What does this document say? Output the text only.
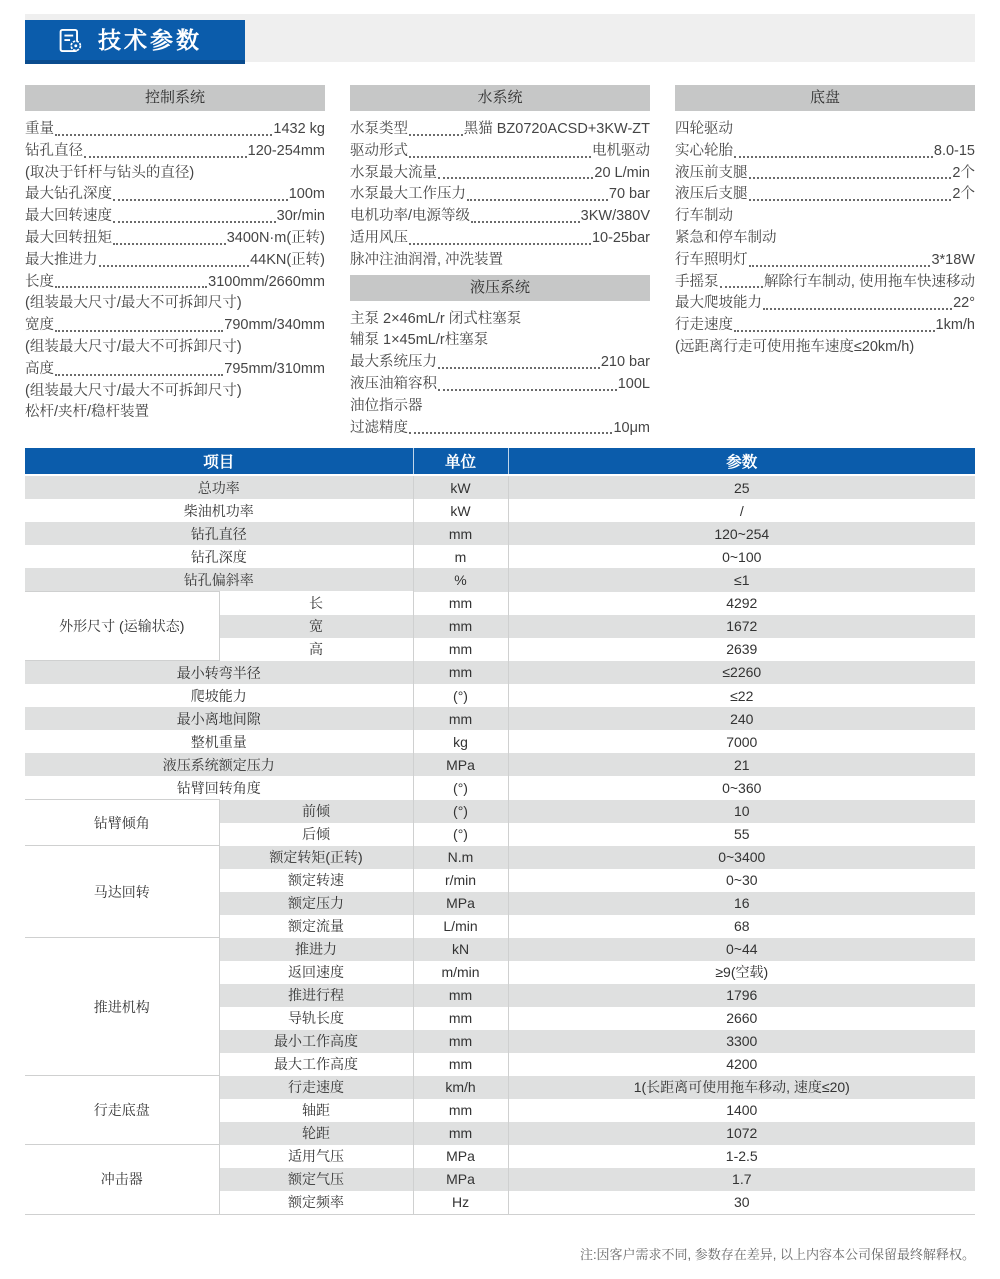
技术参数
控制系统
重量	1432 kg
钻孔直径	120-254mm
(取决于钎杆与钻头的直径)
最大钻孔深度	100m
最大回转速度	30r/min
最大回转扭矩	3400N·m(正转)
最大推进力	44KN(正转)
长度	3100mm/2660mm
(组装最大尺寸/最大不可拆卸尺寸)
宽度	790mm/340mm
(组装最大尺寸/最大不可拆卸尺寸)
高度	795mm/310mm
(组装最大尺寸/最大不可拆卸尺寸)
松杆/夹杆/稳杆装置
水系统
水泵类型	黑猫 BZ0720ACSD+3KW-ZT
驱动形式	电机驱动
水泵最大流量	20 L/min
水泵最大工作压力	70 bar
电机功率/电源等级	3KW/380V
适用风压	10-25bar
脉冲注油润滑, 冲洗装置
液压系统
主泵 2×46mL/r 闭式柱塞泵
辅泵 1×45mL/r柱塞泵
最大系统压力	210 bar
液压油箱容积	100L
油位指示器
过滤精度	10μm
底盘
四轮驱动
实心轮胎	8.0-15
液压前支腿	2个
液压后支腿	2个
行车制动
紧急和停车制动
行车照明灯	3*18W
手摇泵	解除行车制动, 使用拖车快速移动
最大爬坡能力	22°
行走速度	1km/h
(远距离行走可使用拖车速度≤20km/h)
项目		单位	参数
总功率		kW	25
柴油机功率		kW	/
钻孔直径		mm	120~254
钻孔深度		m	0~100
钻孔偏斜率		%	≤1
外形尺寸 (运输状态)	长	mm	4292
	宽	mm	1672
	高	mm	2639
最小转弯半径		mm	≤2260
爬坡能力		(°)	≤22
最小离地间隙		mm	240
整机重量		kg	7000
液压系统额定压力		MPa	21
钻臂回转角度		(°)	0~360
钻臂倾角	前倾	(°)	10
	后倾	(°)	55
马达回转	额定转矩(正转)	N.m	0~3400
	额定转速	r/min	0~30
	额定压力	MPa	16
	额定流量	L/min	68
推进机构	推进力	kN	0~44
	返回速度	m/min	≥9(空载)
	推进行程	mm	1796
	导轨长度	mm	2660
	最小工作高度	mm	3300
	最大工作高度	mm	4200
行走底盘	行走速度	km/h	1(长距离可使用拖车移动, 速度≤20)
	轴距	mm	1400
	轮距	mm	1072
冲击器	适用气压	MPa	1-2.5
	额定气压	MPa	1.7
	额定频率	Hz	30
注:因客户需求不同, 参数存在差异, 以上内容本公司保留最终解释权。
